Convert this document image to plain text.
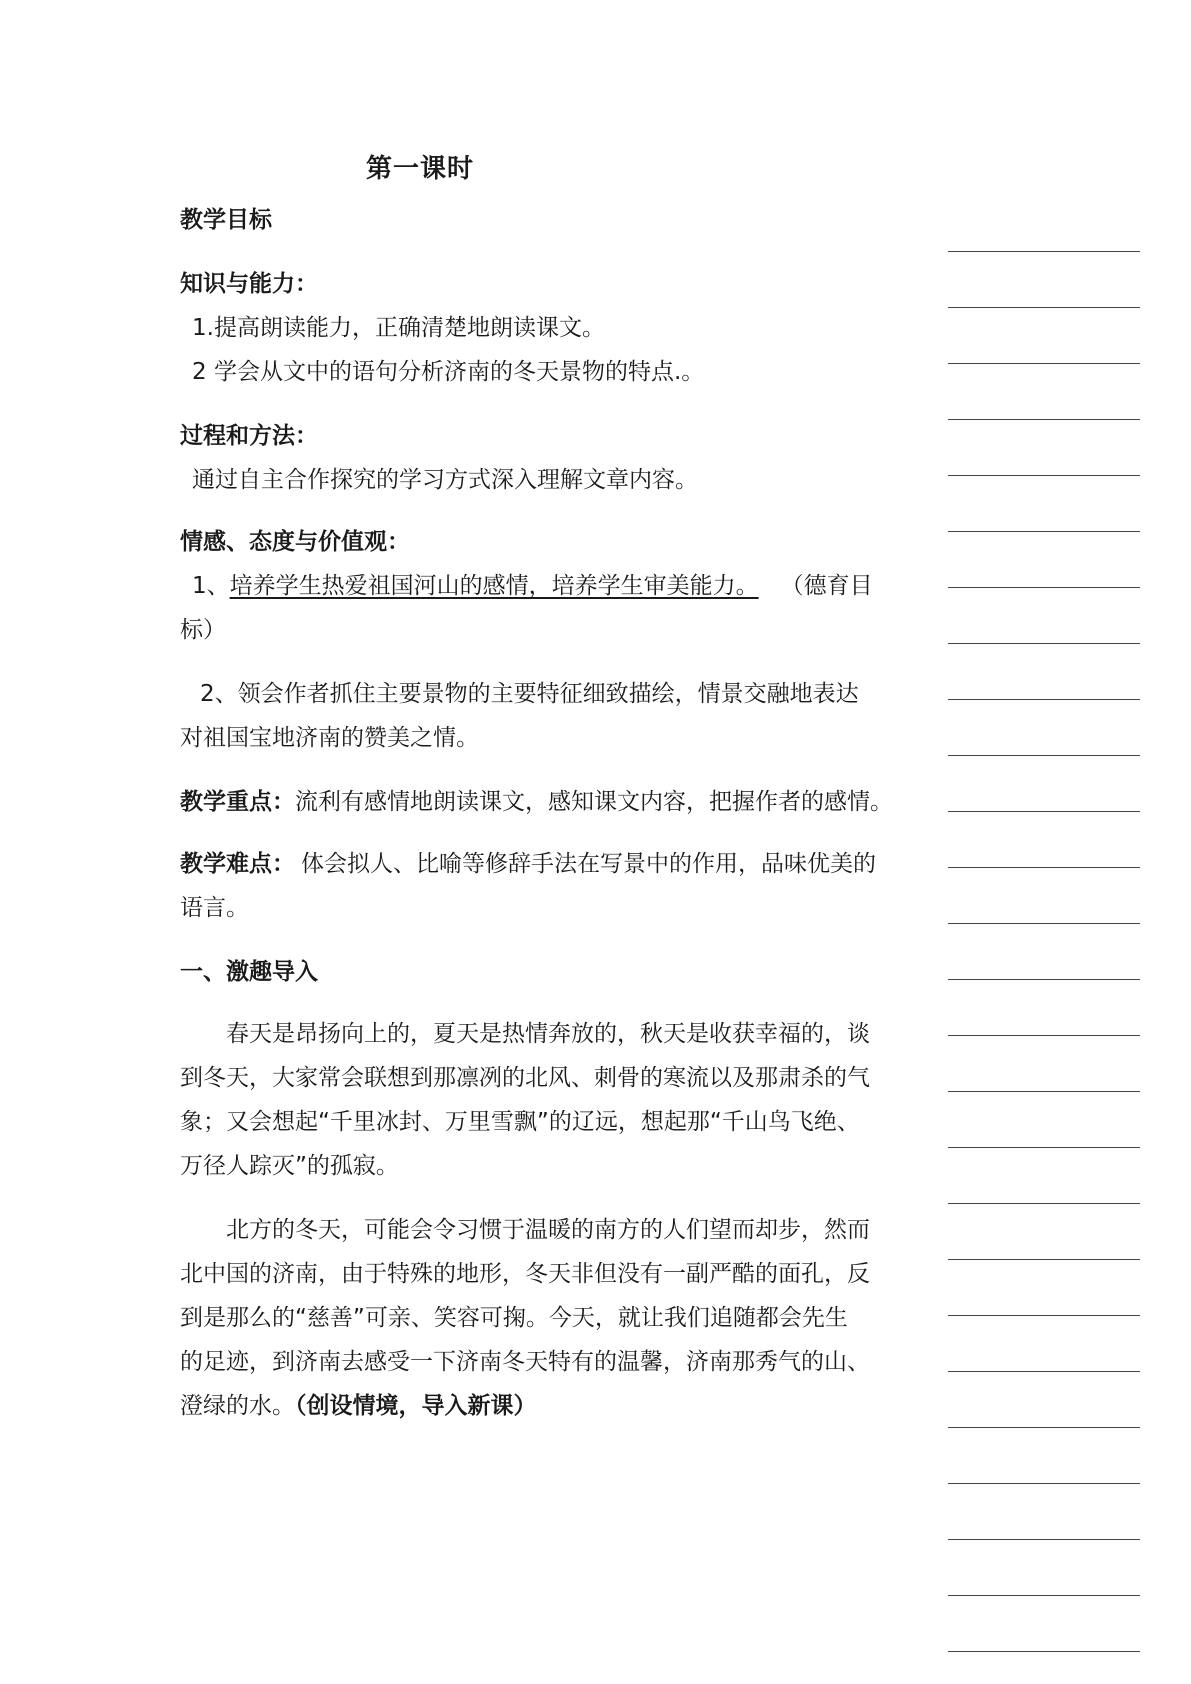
第一课时
教学目标
知识与能力：
1.提高朗读能力，正确清楚地朗读课文。
2 学会从文中的语句分析济南的冬天景物的特点.。
过程和方法：
通过自主合作探究的学习方式深入理解文章内容。
情感、态度与价值观：
1、培养学生热爱祖国河山的感情，培养学生审美能力。 （德育目
标）
2、领会作者抓住主要景物的主要特征细致描绘，情景交融地表达
对祖国宝地济南的赞美之情。
教学重点：流利有感情地朗读课文，感知课文内容，把握作者的感情。
教学难点： 体会拟人、比喻等修辞手法在写景中的作用，品味优美的
语言。
一、激趣导入
春天是昂扬向上的，夏天是热情奔放的，秋天是收获幸福的，谈
到冬天，大家常会联想到那凛冽的北风、刺骨的寒流以及那肃杀的气
象；又会想起“千里冰封、万里雪飘”的辽远，想起那“千山鸟飞绝、
万径人踪灭”的孤寂。
北方的冬天，可能会令习惯于温暖的南方的人们望而却步，然而
北中国的济南，由于特殊的地形，冬天非但没有一副严酷的面孔，反
到是那么的“慈善”可亲、笑容可掬。今天，就让我们追随都会先生
的足迹，到济南去感受一下济南冬天特有的温馨，济南那秀气的山、
澄绿的水。（创设情境，导入新课）
